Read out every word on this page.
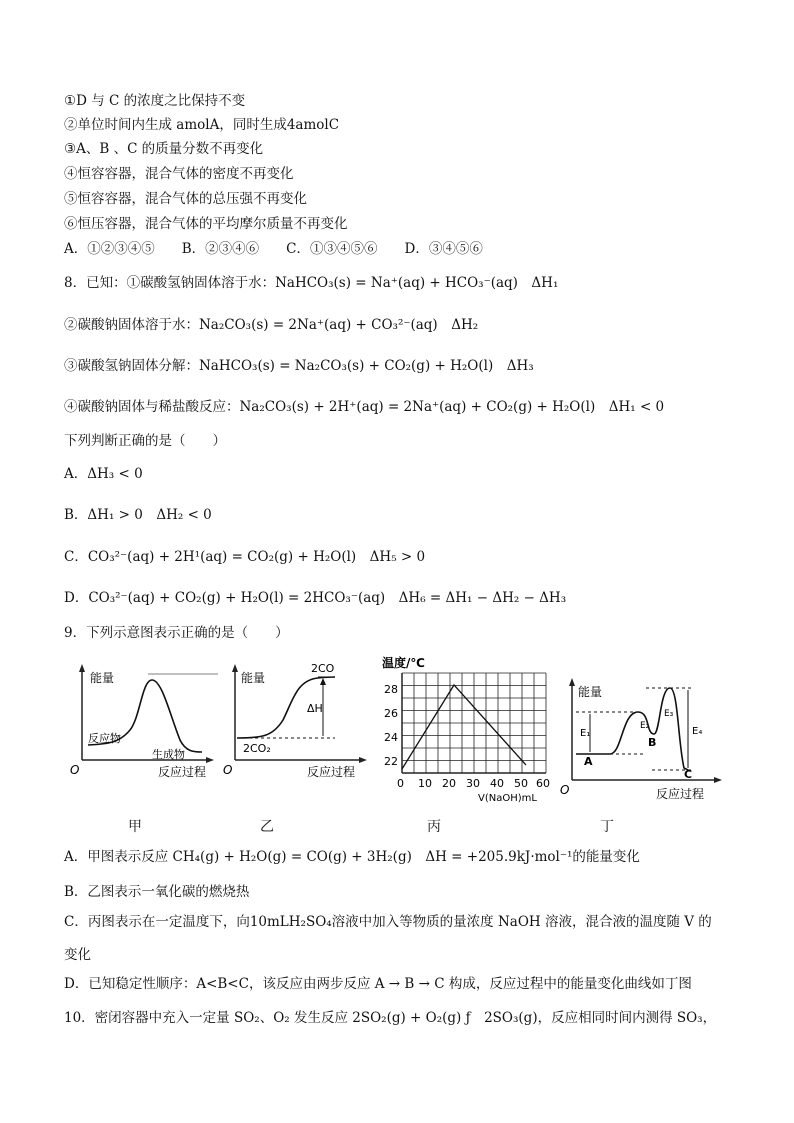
①D 与 C 的浓度之比保持不变
②单位时间内生成 amolA，同时生成4amolC
③A、B 、C 的质量分数不再变化
④恒容容器，混合气体的密度不再变化
⑤恒容容器，混合气体的总压强不再变化
⑥恒压容器，混合气体的平均摩尔质量不再变化
A．①②③④⑤　　B．②③④⑥　　C．①③④⑤⑥　　D．③④⑤⑥
8．已知：①碳酸氢钠固体溶于水：NaHCO₃(s) = Na⁺(aq) + HCO₃⁻(aq)　ΔH₁
②碳酸钠固体溶于水：Na₂CO₃(s) = 2Na⁺(aq) + CO₃²⁻(aq)　ΔH₂
③碳酸氢钠固体分解：NaHCO₃(s) = Na₂CO₃(s) + CO₂(g) + H₂O(l)　ΔH₃
④碳酸钠固体与稀盐酸反应：Na₂CO₃(s) + 2H⁺(aq) = 2Na⁺(aq) + CO₂(g) + H₂O(l)　ΔH₁ < 0
下列判断正确的是（　　）
A．ΔH₃ < 0
B．ΔH₁ > 0　ΔH₂ < 0
C．CO₃²⁻(aq) + 2H¹(aq) = CO₂(g) + H₂O(l)　ΔH₅ > 0
D．CO₃²⁻(aq) + CO₂(g) + H₂O(l) = 2HCO₃⁻(aq)　ΔH₆ = ΔH₁ − ΔH₂ − ΔH₃
9．下列示意图表示正确的是（　　）
能量
反应物
生成物
O	反应过程
2CO
ΔH
能量
2CO₂
O	反应过程
温度/℃
28
26
24
22
0 10 20 30 40 50 60
V(NaOH)mL
能量
E₁
E₂
E₃
E₄
A
B
C
O	反应过程
甲	乙	丙	丁
A．甲图表示反应 CH₄(g) + H₂O(g) = CO(g) + 3H₂(g)　ΔH = +205.9kJ·mol⁻¹的能量变化
B．乙图表示一氧化碳的燃烧热
C．丙图表示在一定温度下，向10mLH₂SO₄溶液中加入等物质的量浓度 NaOH 溶液，混合液的温度随 V 的
变化
D．已知稳定性顺序：A<B<C，该反应由两步反应 A → B → C 构成，反应过程中的能量变化曲线如丁图
10．密闭容器中充入一定量 SO₂、O₂ 发生反应 2SO₂(g) + O₂(g) ƒ　2SO₃(g)，反应相同时间内测得 SO₃，
